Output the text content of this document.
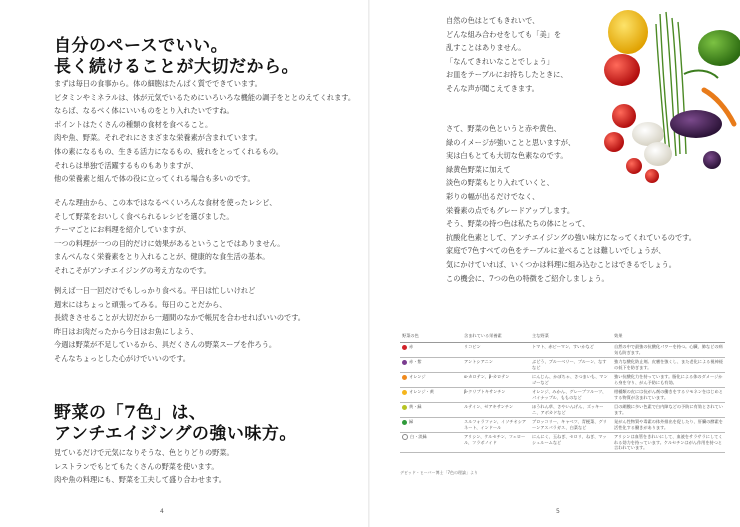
自分のペースでいい。
長く続けることが大切だから。
まずは毎日の食事から。体の細胞はたんぱく質でできています。
ビタミンやミネラルは、体が元気でいるためにいろいろな機能の調子をととのえてくれます。
ならば、なるべく体にいいものをとり入れたいですね。
ポイントはたくさんの種類の食材を食べること。
肉や魚、野菜。それぞれにさまざまな栄養素が含まれています。
体の素になるもの、生きる活力になるもの、疲れをとってくれるもの。
それらは単独で活躍するものもありますが、
他の栄養素と組んで体の役に立ってくれる場合も多いのです。
そんな理由から、この本ではなるべくいろんな食材を使ったレシピ、
そして野菜をおいしく食べられるレシピを選びました。
テーマごとにお料理を紹介していますが、
一つの料理が一つの目的だけに効果があるということではありません。
まんべんなく栄養素をとり入れることが、健康的な食生活の基本。
それこそがアンチエイジングの考え方なのです。
例えば一日一回だけでもしっかり食べる。平日は忙しいけれど
週末にはちょっと頑張ってみる。毎日のことだから、
長続きさせることが大切だから一週間のなかで帳尻を合わせればいいのです。
昨日はお肉だったから今日はお魚にしよう、
今週は野菜が不足しているから、具だくさんの野菜スープを作ろう。
そんなちょっとした心がけでいいのです。
野菜の「7色」は、
アンチエイジングの強い味方。
見ているだけで元気になりそうな、色とりどりの野菜。
レストランでもとてもたくさんの野菜を使います。
肉や魚の料理にも、野菜を工夫して盛り合わせます。
4
自然の色はとてもきれいで、
どんな組み合わせをしても「美」を
乱すことはありません。
「なんてきれいなことでしょう」
お皿をテーブルにお持ちしたときに、
そんな声が聞こえてきます。
さて、野菜の色というと赤や黄色、
緑のイメージが強いことと思いますが、
実は白もとても大切な色素なのです。
緑黄色野菜に加えて
淡色の野菜もとり入れていくと、
彩りの幅が出るだけでなく、
栄養素の点でもグレードアップします。
そう、野菜の持つ色は私たちの体にとって、
抗酸化色素として、アンチエイジングの強い味方になってくれているのです。
家庭で7色すべての色をテーブルに並べることは難しいでしょうが、
気にかけていれば、いくつかは料理に組み込むことはできるでしょう。
この機会に、7つの色の特徴をご紹介しましょう。
野菜の色	含まれている栄養素	主な野菜	効果
赤	リコピン	トマト、赤ピーマン、すいかなど	自然の中で最強の抗酸化パワーを持つ。心臓、肺などの病気も防ぎます。
赤・紫	アントシアニン	ぶどう、ブルーベリー、プルーン、なすなど	強力な酸化防止剤。皮膚を強くし、また老化による視神経の低下を防ぎます。
オレンジ	α-カロテン、β-カロテン	にんじん、かぼちゃ、さつまいも、マンゴーなど	強い抗酸化力を持っています。脂化による体のダメージから身を守り、がん予防にも有効。
オレンジ・黄	β-クリプトキサンチン	オレンジ、みかん、グレープフルーツ、パイナップル、もものなど	柑橘類の皮には抗がん剤の働きをするリモネンをはじめとする物質が含まれています。
黄・緑	ルテイン、ゼアキサンチン	ほうれん草、さやいんげん、ズッキーニ、アボカドなど	目の網膜に多い色素で白内障などの予防に有効とされています。
緑	スルフォラファン、イソチオシアネート、インドール	ブロッコリー、キャベツ、青梗菜、グリーンアスパラガス、白菜など	発がん性物質や毒素の体外排出を促したり、肝臓の酵素を活性化する働きがあります。
白・淡緑	アリシン、ケルセチン、フェロール、フラボノイド	にんにく、玉ねぎ、セロリ、ねぎ、マッシュルームなど	アリシンは血管をきれいにして、血液をサラサラにしてくれる効力を持っています。ケルセチンはがん作用を持つと言われています。
デビッド・ヒーバー博士「7色の理論」より
5
